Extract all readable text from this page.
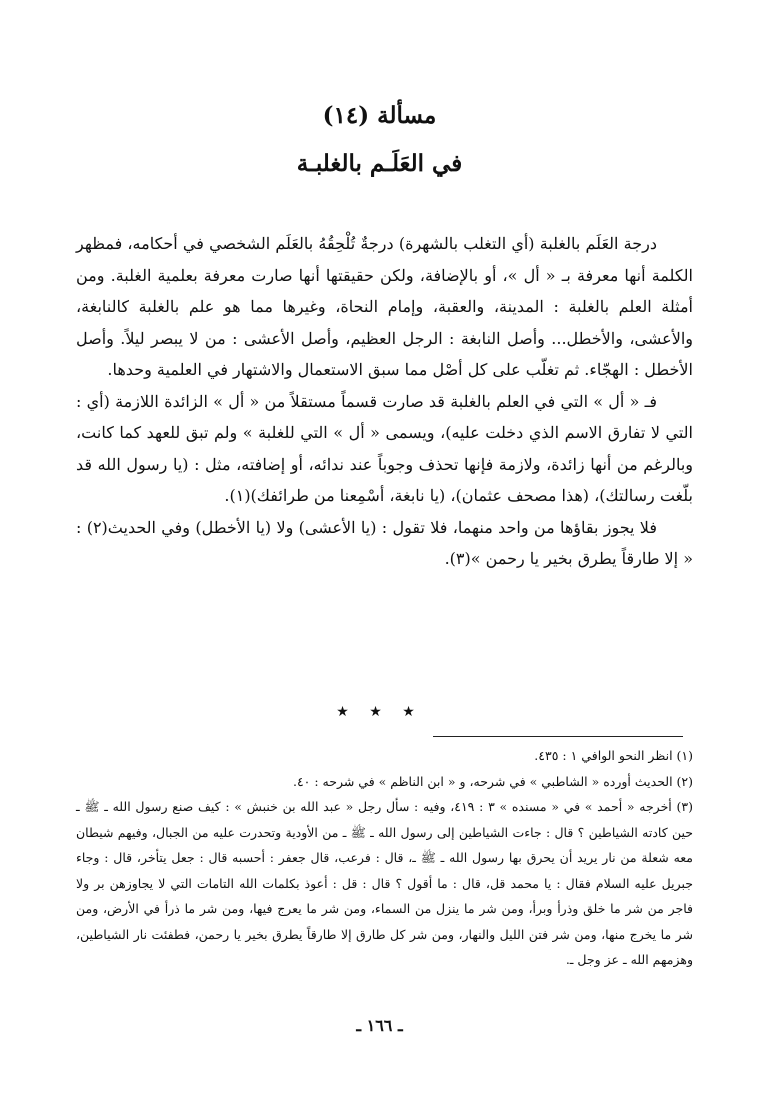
مسألة (١٤)
في العَلَـم بالغلبـة

درجة العَلَم بالغلبة (أي التغلب بالشهرة) درجةٌ تُلْحِقُهُ بالعَلَم الشخصي في أحكامه، فمظهر الكلمة أنها معرفة بـ « أل »، أو بالإضافة، ولكن حقيقتها أنها صارت معرفة بعلمية الغلبة. ومن أمثلة العلم بالغلبة : المدينة، والعقبة، وإمام النحاة، وغيرها مما هو علم بالغلبة كالنابغة، والأعشى، والأخطل... وأصل النابغة : الرجل العظيم، وأصل الأعشى : من لا يبصر ليلاً. وأصل الأخطل : الهجّاء. ثم تغلّب على كل أصْل مما سبق الاستعمال والاشتهار في العلمية وحدها.

فـ « أل » التي في العلم بالغلبة قد صارت قسماً مستقلاً من « أل » الزائدة اللازمة (أي : التي لا تفارق الاسم الذي دخلت عليه)، ويسمى « أل » التي للغلبة » ولم تبق للعهد كما كانت، وبالرغم من أنها زائدة، ولازمة فإنها تحذف وجوباً عند ندائه، أو إضافته، مثل : (يا رسول الله قد بلّغت رسالتك)، (هذا مصحف عثمان)، (يا نابغة، أسْمِعنا من طرائفك)(١).

فلا يجوز بقاؤها من واحد منهما، فلا تقول : (يا الأعشى) ولا (يا الأخطل) وفي الحديث(٢) : « إلا طارقاً يطرق بخير يا رحمن »(٣).

★ ★ ★

(١) انظر النحو الوافي ١ : ٤٣٥.

(٢) الحديث أورده « الشاطبي » في شرحه، و « ابن الناظم » في شرحه : ٤٠.

(٣) أخرجه « أحمد » في « مسنده » ٣ : ٤١٩، وفيه : سأل رجل « عبد الله بن خنبش » : كيف صنع رسول الله ـ ﷺ ـ حين كادته الشياطين ؟ قال : جاءت الشياطين إلى رسول الله ـ ﷺ ـ من الأودية وتحدرت عليه من الجبال، وفيهم شيطان معه شعلة من نار يريد أن يحرق بها رسول الله ـ ﷺ ـ، قال : فرعب، قال جعفر : أحسبه قال : جعل يتأخر، قال : وجاء جبريل عليه السلام فقال : يا محمد قل، قال : ما أقول ؟ قال : قل : أعوذ بكلمات الله التامات التي لا يجاوزهن بر ولا فاجر من شر ما خلق وذرأ وبرأ، ومن شر ما ينزل من السماء، ومن شر ما يعرج فيها، ومن شر ما ذرأ في الأرض، ومن شر ما يخرج منها، ومن شر فتن الليل والنهار، ومن شر كل طارق إلا طارقاً يطرق بخير يا رحمن، فطفئت نار الشياطين، وهزمهم الله ـ عز وجل ـ.

ـ ١٦٦ ـ
